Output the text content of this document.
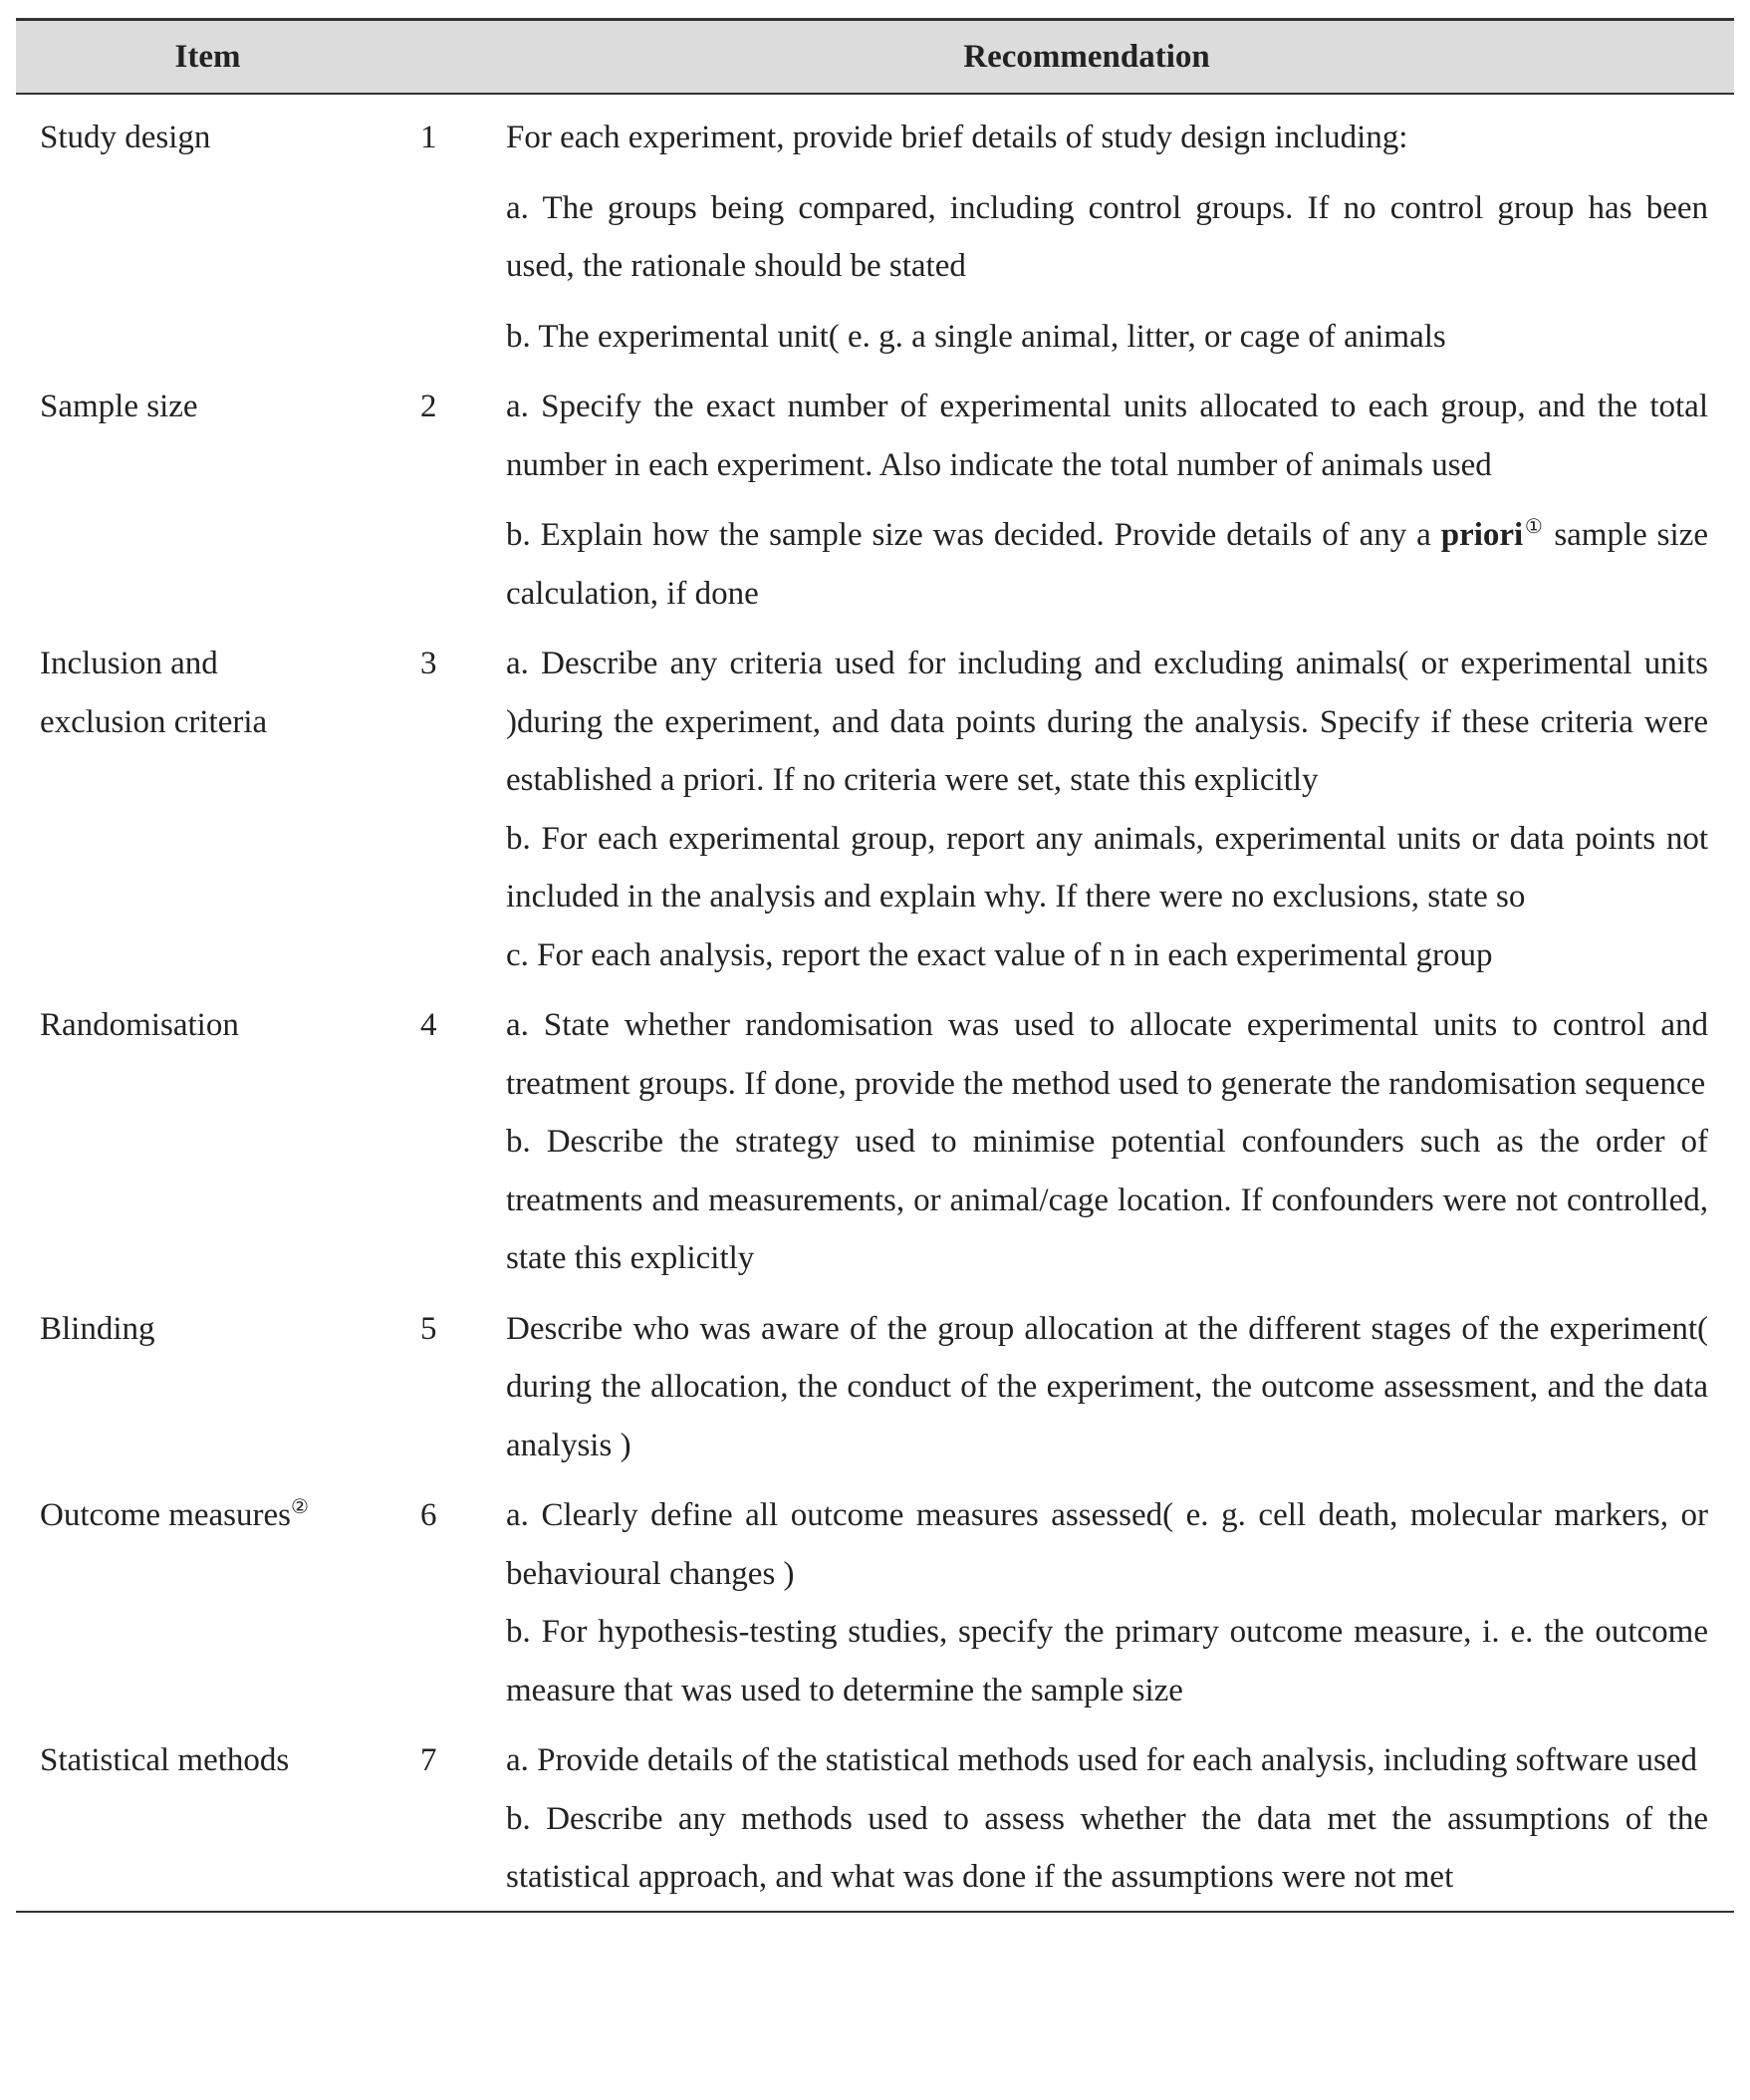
Item	Recommendation
Study design	1	For each experiment, provide brief details of study design including:

a. The groups being compared, including control groups. If no control group has been used, the rationale should be stated

b. The experimental unit( e. g. a single animal, litter, or cage of animals

Sample size	2	a. Specify the exact number of experimental units allocated to each group, and the total number in each experiment. Also indicate the total number of animals used

b. Explain how the sample size was decided. Provide details of any a priori① sample size calculation, if done

Inclusion and
exclusion criteria
3	a. Describe any criteria used for including and excluding animals( or experimental units )during the experiment, and data points during the analysis. Specify if these criteria were established a priori. If no criteria were set, state this explicitly

b. For each experimental group, report any animals, experimental units or data points not included in the analysis and explain why. If there were no exclusions, state so

c. For each analysis, report the exact value of n in each experimental group

Randomisation	4	a. State whether randomisation was used to allocate experimental units to control and treatment groups. If done, provide the method used to generate the randomisation sequence

b. Describe the strategy used to minimise potential confounders such as the order of treatments and measurements, or animal/cage location. If confounders were not controlled, state this explicitly

Blinding	5	Describe who was aware of the group allocation at the different stages of the experiment( during the allocation, the conduct of the experiment, the outcome assessment, and the data analysis )

Outcome measures②	6	a. Clearly define all outcome measures assessed( e. g. cell death, molecular markers, or behavioural changes )

b. For hypothesis-testing studies, specify the primary outcome measure, i. e. the outcome measure that was used to determine the sample size

Statistical methods	7	a. Provide details of the statistical methods used for each analysis, including software used

b. Describe any methods used to assess whether the data met the assumptions of the statistical approach, and what was done if the assumptions were not met
